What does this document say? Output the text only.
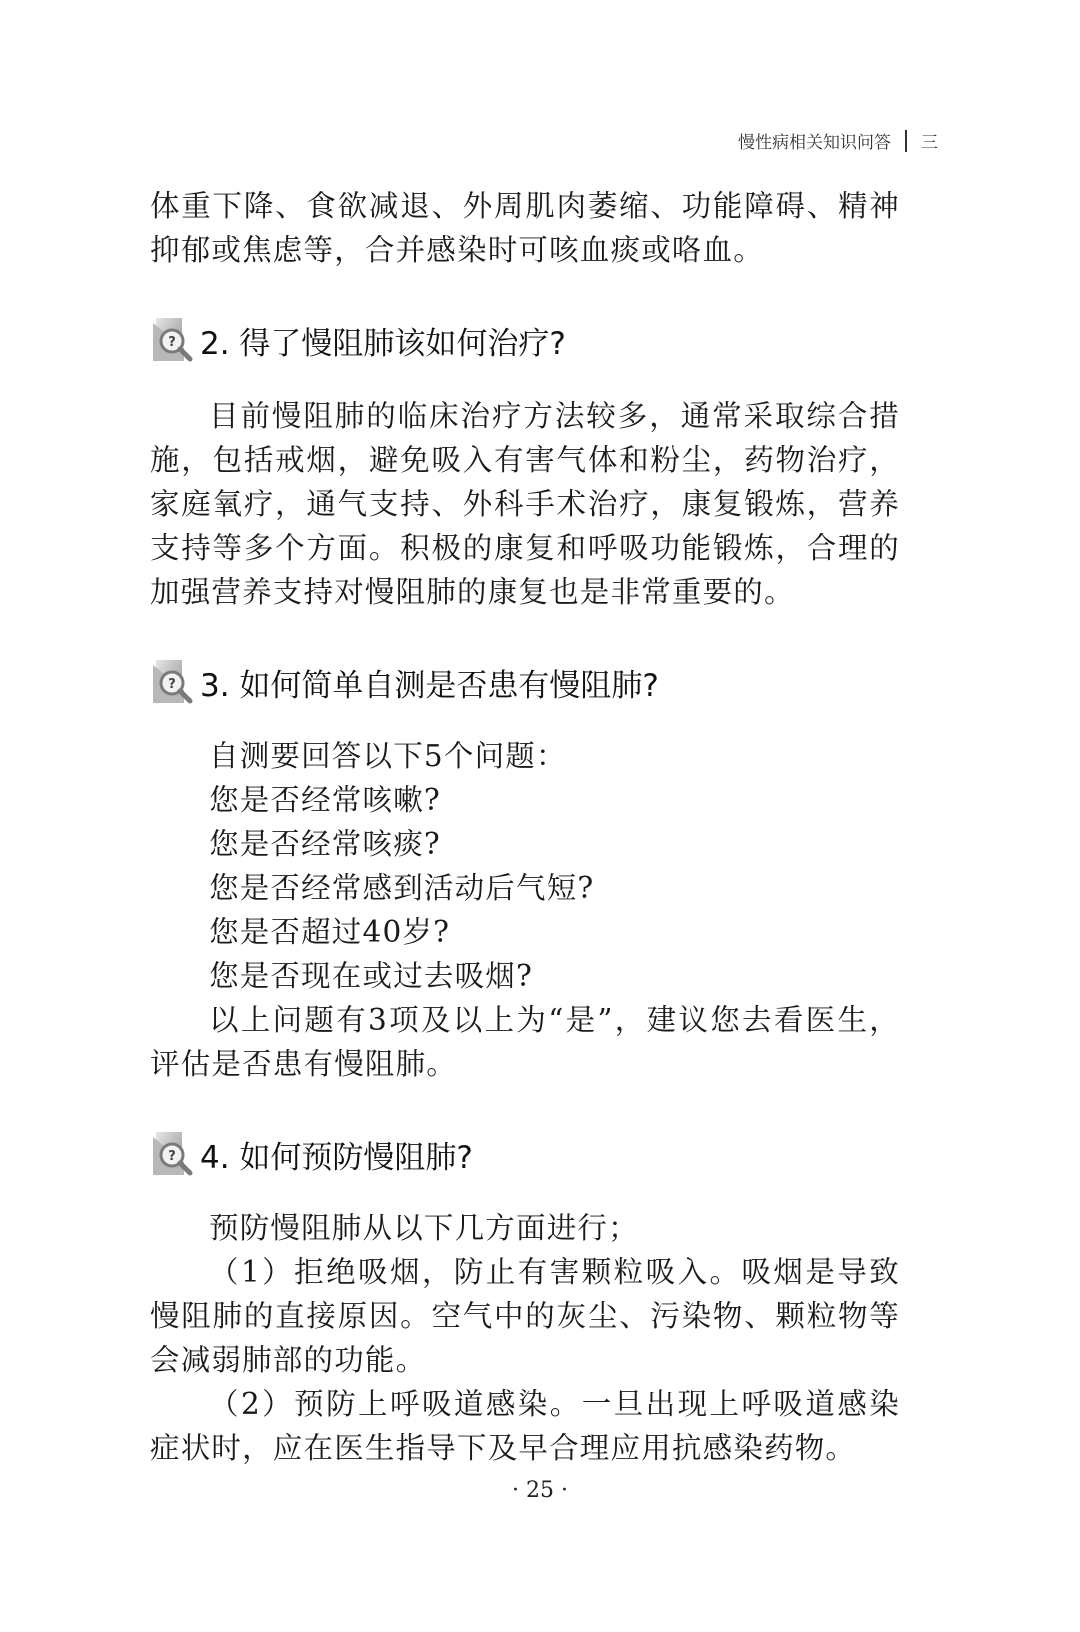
慢性病相关知识问答 三

体重下降、食欲减退、外周肌肉萎缩、功能障碍、精神抑郁或焦虑等，合并感染时可咳血痰或咯血。

? 2. 得了慢阻肺该如何治疗?

目前慢阻肺的临床治疗方法较多，通常采取综合措施，包括戒烟，避免吸入有害气体和粉尘，药物治疗，家庭氧疗，通气支持、外科手术治疗，康复锻炼，营养支持等多个方面。积极的康复和呼吸功能锻炼，合理的加强营养支持对慢阻肺的康复也是非常重要的。

? 3. 如何简单自测是否患有慢阻肺?

自测要回答以下5个问题：

您是否经常咳嗽?

您是否经常咳痰?

您是否经常感到活动后气短?

您是否超过40岁?

您是否现在或过去吸烟?

以上问题有3项及以上为“是”，建议您去看医生，评估是否患有慢阻肺。

? 4. 如何预防慢阻肺?

预防慢阻肺从以下几方面进行；

（1）拒绝吸烟，防止有害颗粒吸入。吸烟是导致慢阻肺的直接原因。空气中的灰尘、污染物、颗粒物等会减弱肺部的功能。

（2）预防上呼吸道感染。一旦出现上呼吸道感染症状时，应在医生指导下及早合理应用抗感染药物。

· 25 ·
